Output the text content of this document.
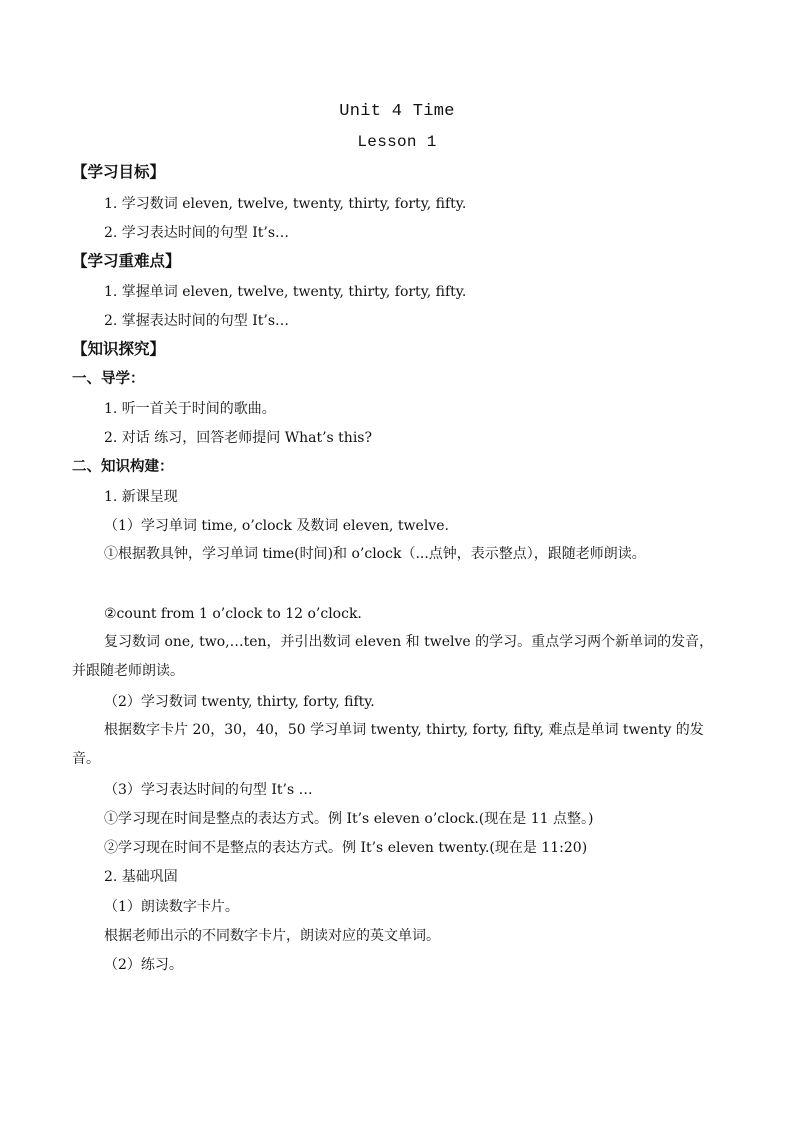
Unit 4 Time
Lesson 1
【学习目标】
1. 学习数词 eleven, twelve, twenty, thirty, forty, fifty.
2. 学习表达时间的句型 It’s…
【学习重难点】
1. 掌握单词 eleven, twelve, twenty, thirty, forty, fifty.
2. 掌握表达时间的句型 It’s…
【知识探究】
一、导学：
1. 听一首关于时间的歌曲。
2. 对话 练习，回答老师提问 What’s this?
二、知识构建：
1. 新课呈现
（1）学习单词 time, o’clock 及数词 eleven, twelve.
①根据教具钟，学习单词 time(时间)和 o’clock（...点钟，表示整点），跟随老师朗读。
②count from 1 o’clock to 12 o’clock.
复习数词 one, two,…ten，并引出数词 eleven 和 twelve 的学习。重点学习两个新单词的发音，并跟随老师朗读。
（2）学习数词 twenty, thirty, forty, fifty.
根据数字卡片 20，30，40，50 学习单词 twenty, thirty, forty, fifty, 难点是单词 twenty 的发音。
（3）学习表达时间的句型 It’s …
①学习现在时间是整点的表达方式。例 It’s eleven o’clock.(现在是 11 点整。)
②学习现在时间不是整点的表达方式。例 It’s eleven twenty.(现在是 11:20)
2. 基础巩固
（1）朗读数字卡片。
根据老师出示的不同数字卡片，朗读对应的英文单词。
（2）练习。
